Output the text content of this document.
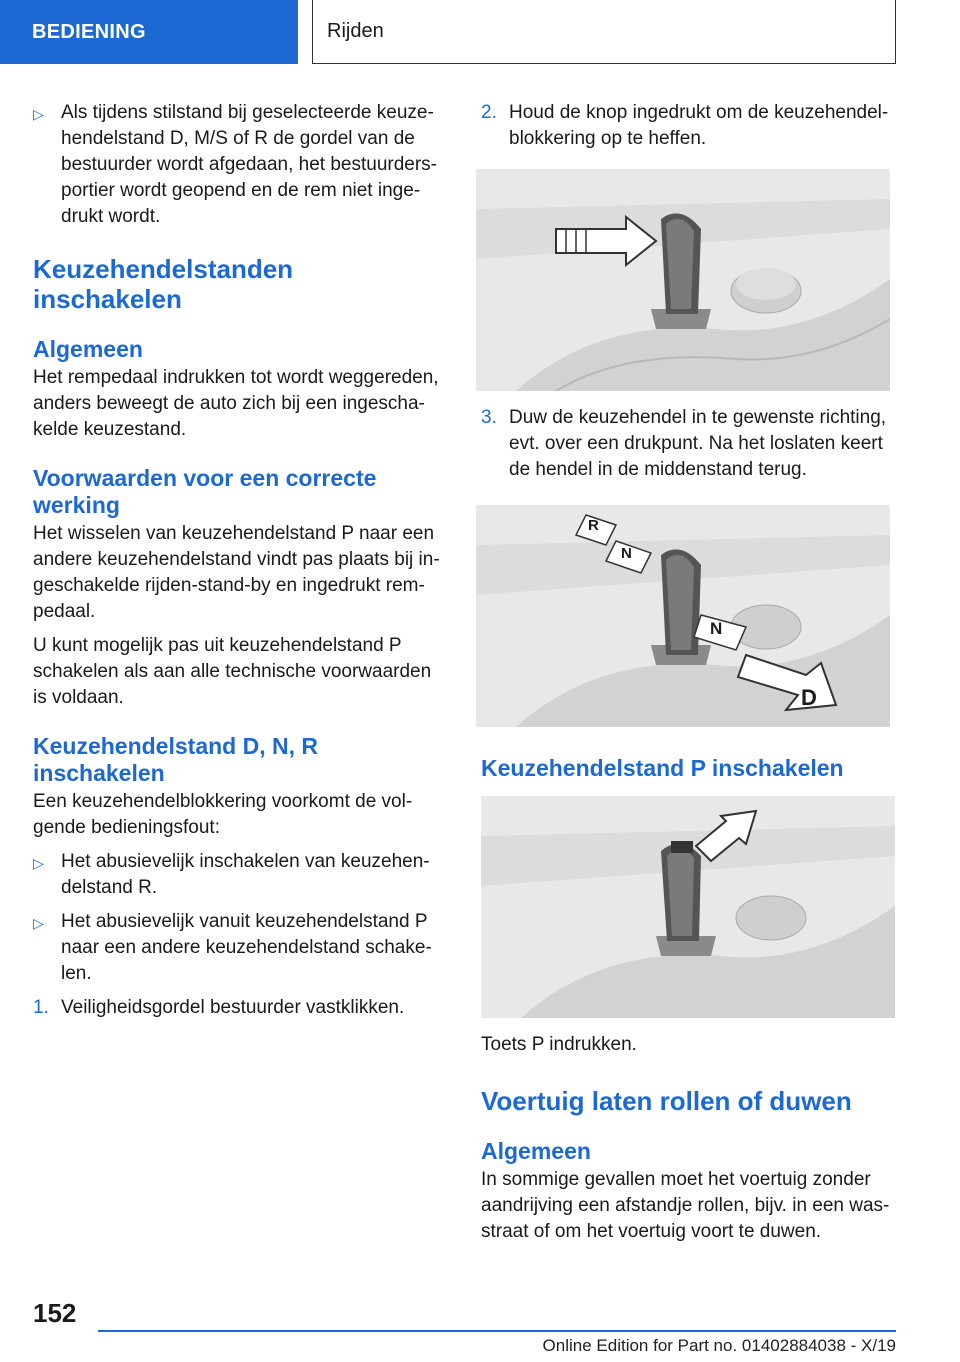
BEDIENING	Rijden
▷ Als tijdens stilstand bij geselecteerde keuze-hendelstand D, M/S of R de gordel van de bestuurder wordt afgedaan, het bestuurders-portier wordt geopend en de rem niet inge-drukt wordt.
Keuzehendelstanden inschakelen
Algemeen

Het rempedaal indrukken tot wordt weggereden, anders beweegt de auto zich bij een ingescha-kelde keuzestand.

Voorwaarden voor een correcte werking

Het wisselen van keuzehendelstand P naar een andere keuzehendelstand vindt pas plaats bij in-geschakelde rijden-stand-by en ingedrukt rem-pedaal.

U kunt mogelijk pas uit keuzehendelstand P schakelen als aan alle technische voorwaarden is voldaan.

Keuzehendelstand D, N, R inschakelen

Een keuzehendelblokkering voorkomt de vol-gende bedieningsfout:

▷ Het abusievelijk inschakelen van keuzehen-delstand R.
▷ Het abusievelijk vanuit keuzehendelstand P naar een andere keuzehendelstand schake-len.
1. Veiligheidsgordel bestuurder vastklikken.
2. Houd de knop ingedrukt om de keuzehendel-blokkering op te heffen.
3. Duw de keuzehendel in te gewenste richting, evt. over een drukpunt. Na het loslaten keert de hendel in de middenstand terug.
R
N
N
D
Keuzehendelstand P inschakelen

Toets P indrukken.

Voertuig laten rollen of duwen
Algemeen

In sommige gevallen moet het voertuig zonder aandrijving een afstandje rollen, bijv. in een was-straat of om het voertuig voort te duwen.

152
Online Edition for Part no. 01402884038 - X/19
